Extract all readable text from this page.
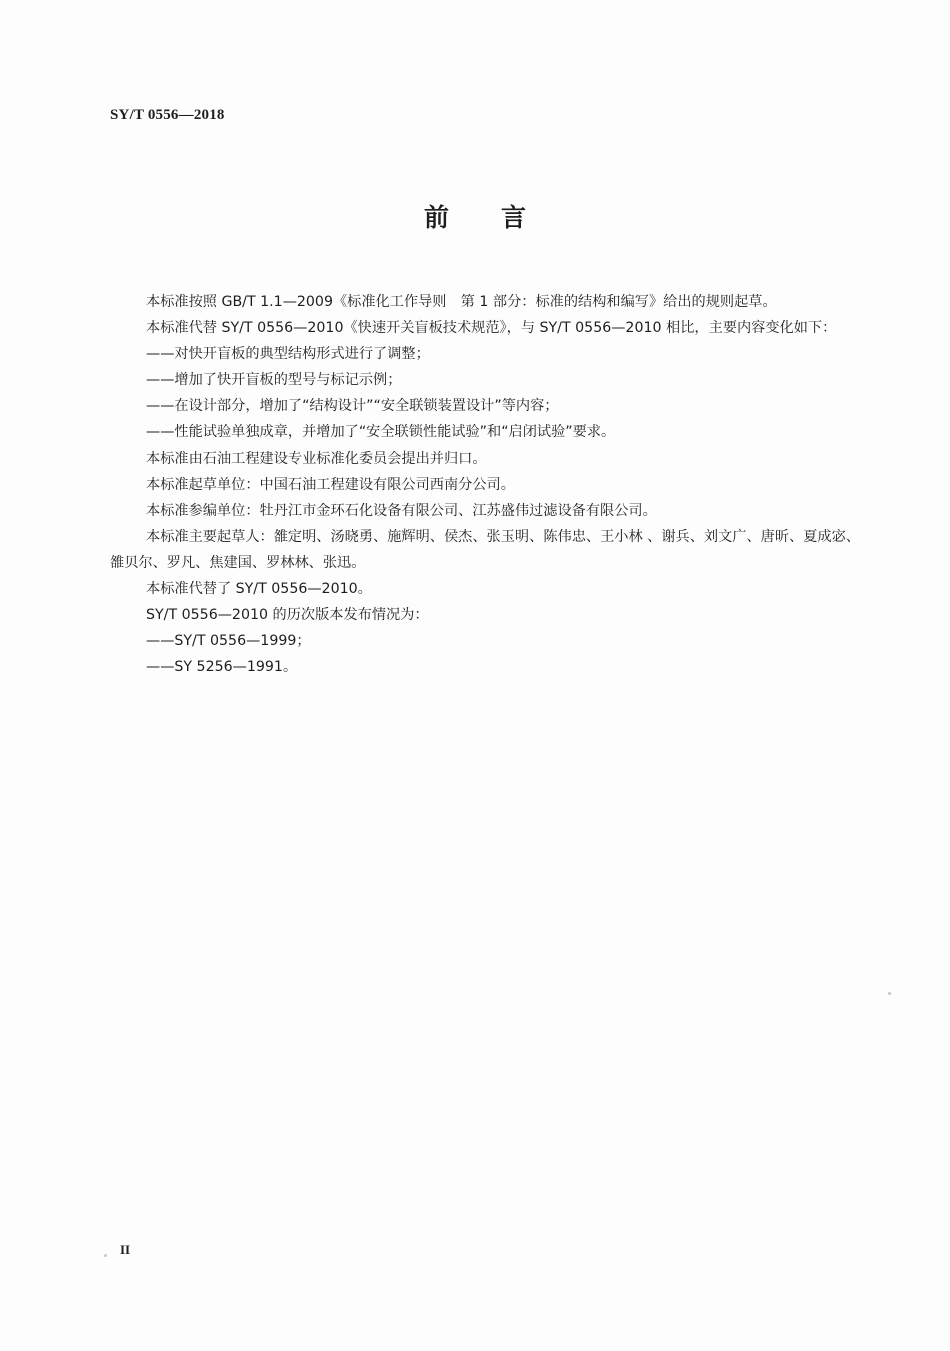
SY/T 0556—2018
前 言

本标准按照 GB/T 1.1—2009《标准化工作导则　第 1 部分：标准的结构和编写》给出的规则起草。

本标准代替 SY/T 0556—2010《快速开关盲板技术规范》，与 SY/T 0556—2010 相比，主要内容变化如下：

——对快开盲板的典型结构形式进行了调整；

——增加了快开盲板的型号与标记示例；

——在设计部分，增加了“结构设计”“安全联锁装置设计”等内容；

——性能试验单独成章，并增加了“安全联锁性能试验”和“启闭试验”要求。

本标准由石油工程建设专业标准化委员会提出并归口。

本标准起草单位：中国石油工程建设有限公司西南分公司。

本标准参编单位：牡丹江市金环石化设备有限公司、江苏盛伟过滤设备有限公司。

本标准主要起草人：雒定明、汤晓勇、施辉明、侯杰、张玉明、陈伟忠、王小林 、谢兵、刘文广、唐昕、夏成宓、雒贝尔、罗凡、焦建国、罗林林、张迅。

本标准代替了 SY/T 0556—2010。

SY/T 0556—2010 的历次版本发布情况为：

——SY/T 0556—1999；

——SY 5256—1991。

II
